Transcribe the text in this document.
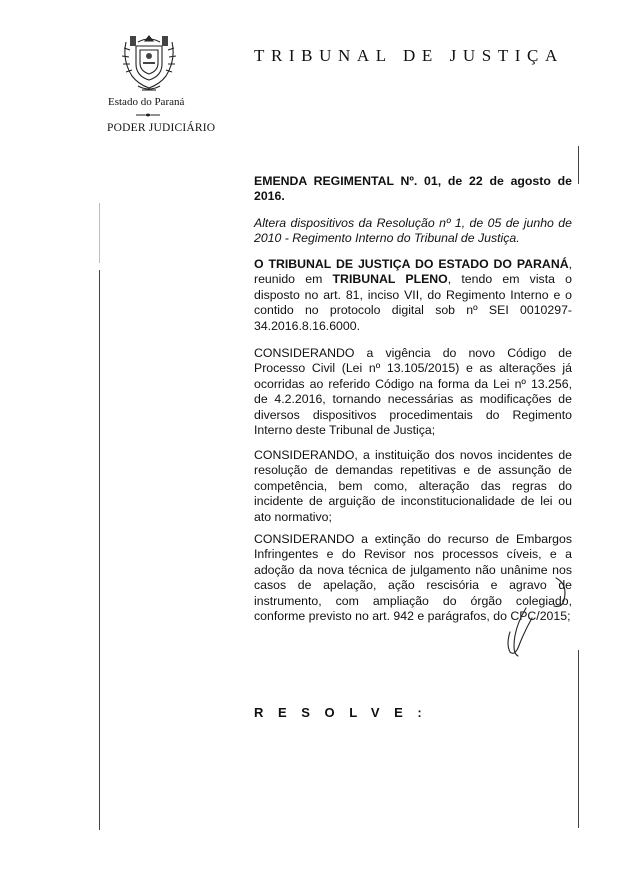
Estado do Paraná
PODER JUDICIÁRIO
TRIBUNAL DE JUSTIÇA
EMENDA REGIMENTAL Nº. 01, de 22 de agosto de 2016.
Altera dispositivos da Resolução nº 1, de 05 de junho de 2010 - Regimento Interno do Tribunal de Justiça.
O TRIBUNAL DE JUSTIÇA DO ESTADO DO PARANÁ, reunido em TRIBUNAL PLENO, tendo em vista o disposto no art. 81, inciso VII, do Regimento Interno e o contido no protocolo digital sob nº SEI 0010297-34.2016.8.16.6000.
CONSIDERANDO a vigência do novo Código de Processo Civil (Lei nº 13.105/2015) e as alterações já ocorridas ao referido Código na forma da Lei nº 13.256, de 4.2.2016, tornando necessárias as modificações de diversos dispositivos procedimentais do Regimento Interno deste Tribunal de Justiça;
CONSIDERANDO, a instituição dos novos incidentes de resolução de demandas repetitivas e de assunção de competência, bem como, alteração das regras do incidente de arguição de inconstitucionalidade de lei ou ato normativo;
CONSIDERANDO a extinção do recurso de Embargos Infringentes e do Revisor nos processos cíveis, e a adoção da nova técnica de julgamento não unânime nos casos de apelação, ação rescisória e agravo de instrumento, com ampliação do órgão colegiado, conforme previsto no art. 942 e parágrafos, do CPC/2015;
RESOLVE:
